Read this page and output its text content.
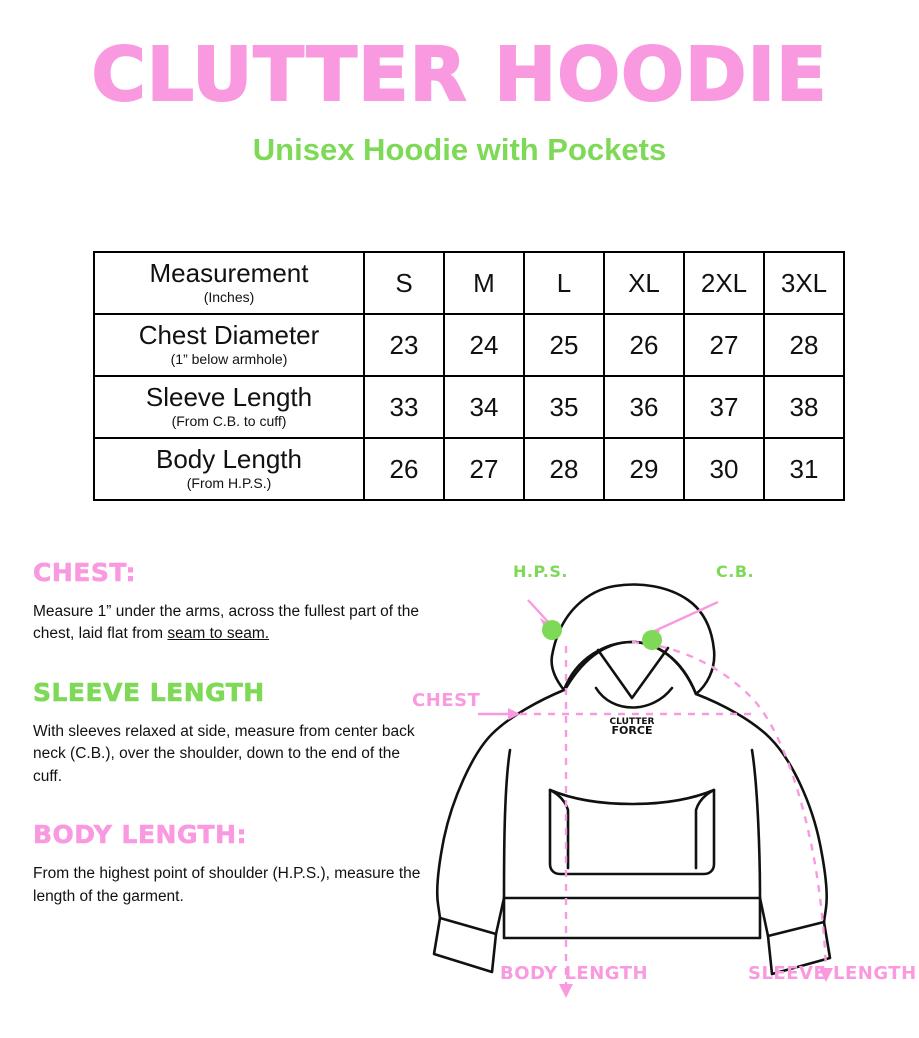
CLUTTER HOODIE
Unisex Hoodie with Pockets
Measurement
(Inches)	S	M	L	XL	2XL	3XL

Chest Diameter
(1” below armhole)	23	24	25	26	27	28

Sleeve Length
(From C.B. to cuff)	33	34	35	36	37	38

Body Length
(From H.P.S.)	26	27	28	29	30	31
CHEST:

Measure 1” under the arms, across the fullest part of the chest, laid flat from seam to seam.

SLEEVE LENGTH

With sleeves relaxed at side, measure from center back neck (C.B.), over the shoulder, down to the end of the cuff.

BODY LENGTH:

From the highest point of shoulder (H.P.S.), measure the length of the garment.

CLUTTER
FORCE
H.P.S.	C.B.
CHEST
BODY LENGTH	SLEEVE LENGTH
